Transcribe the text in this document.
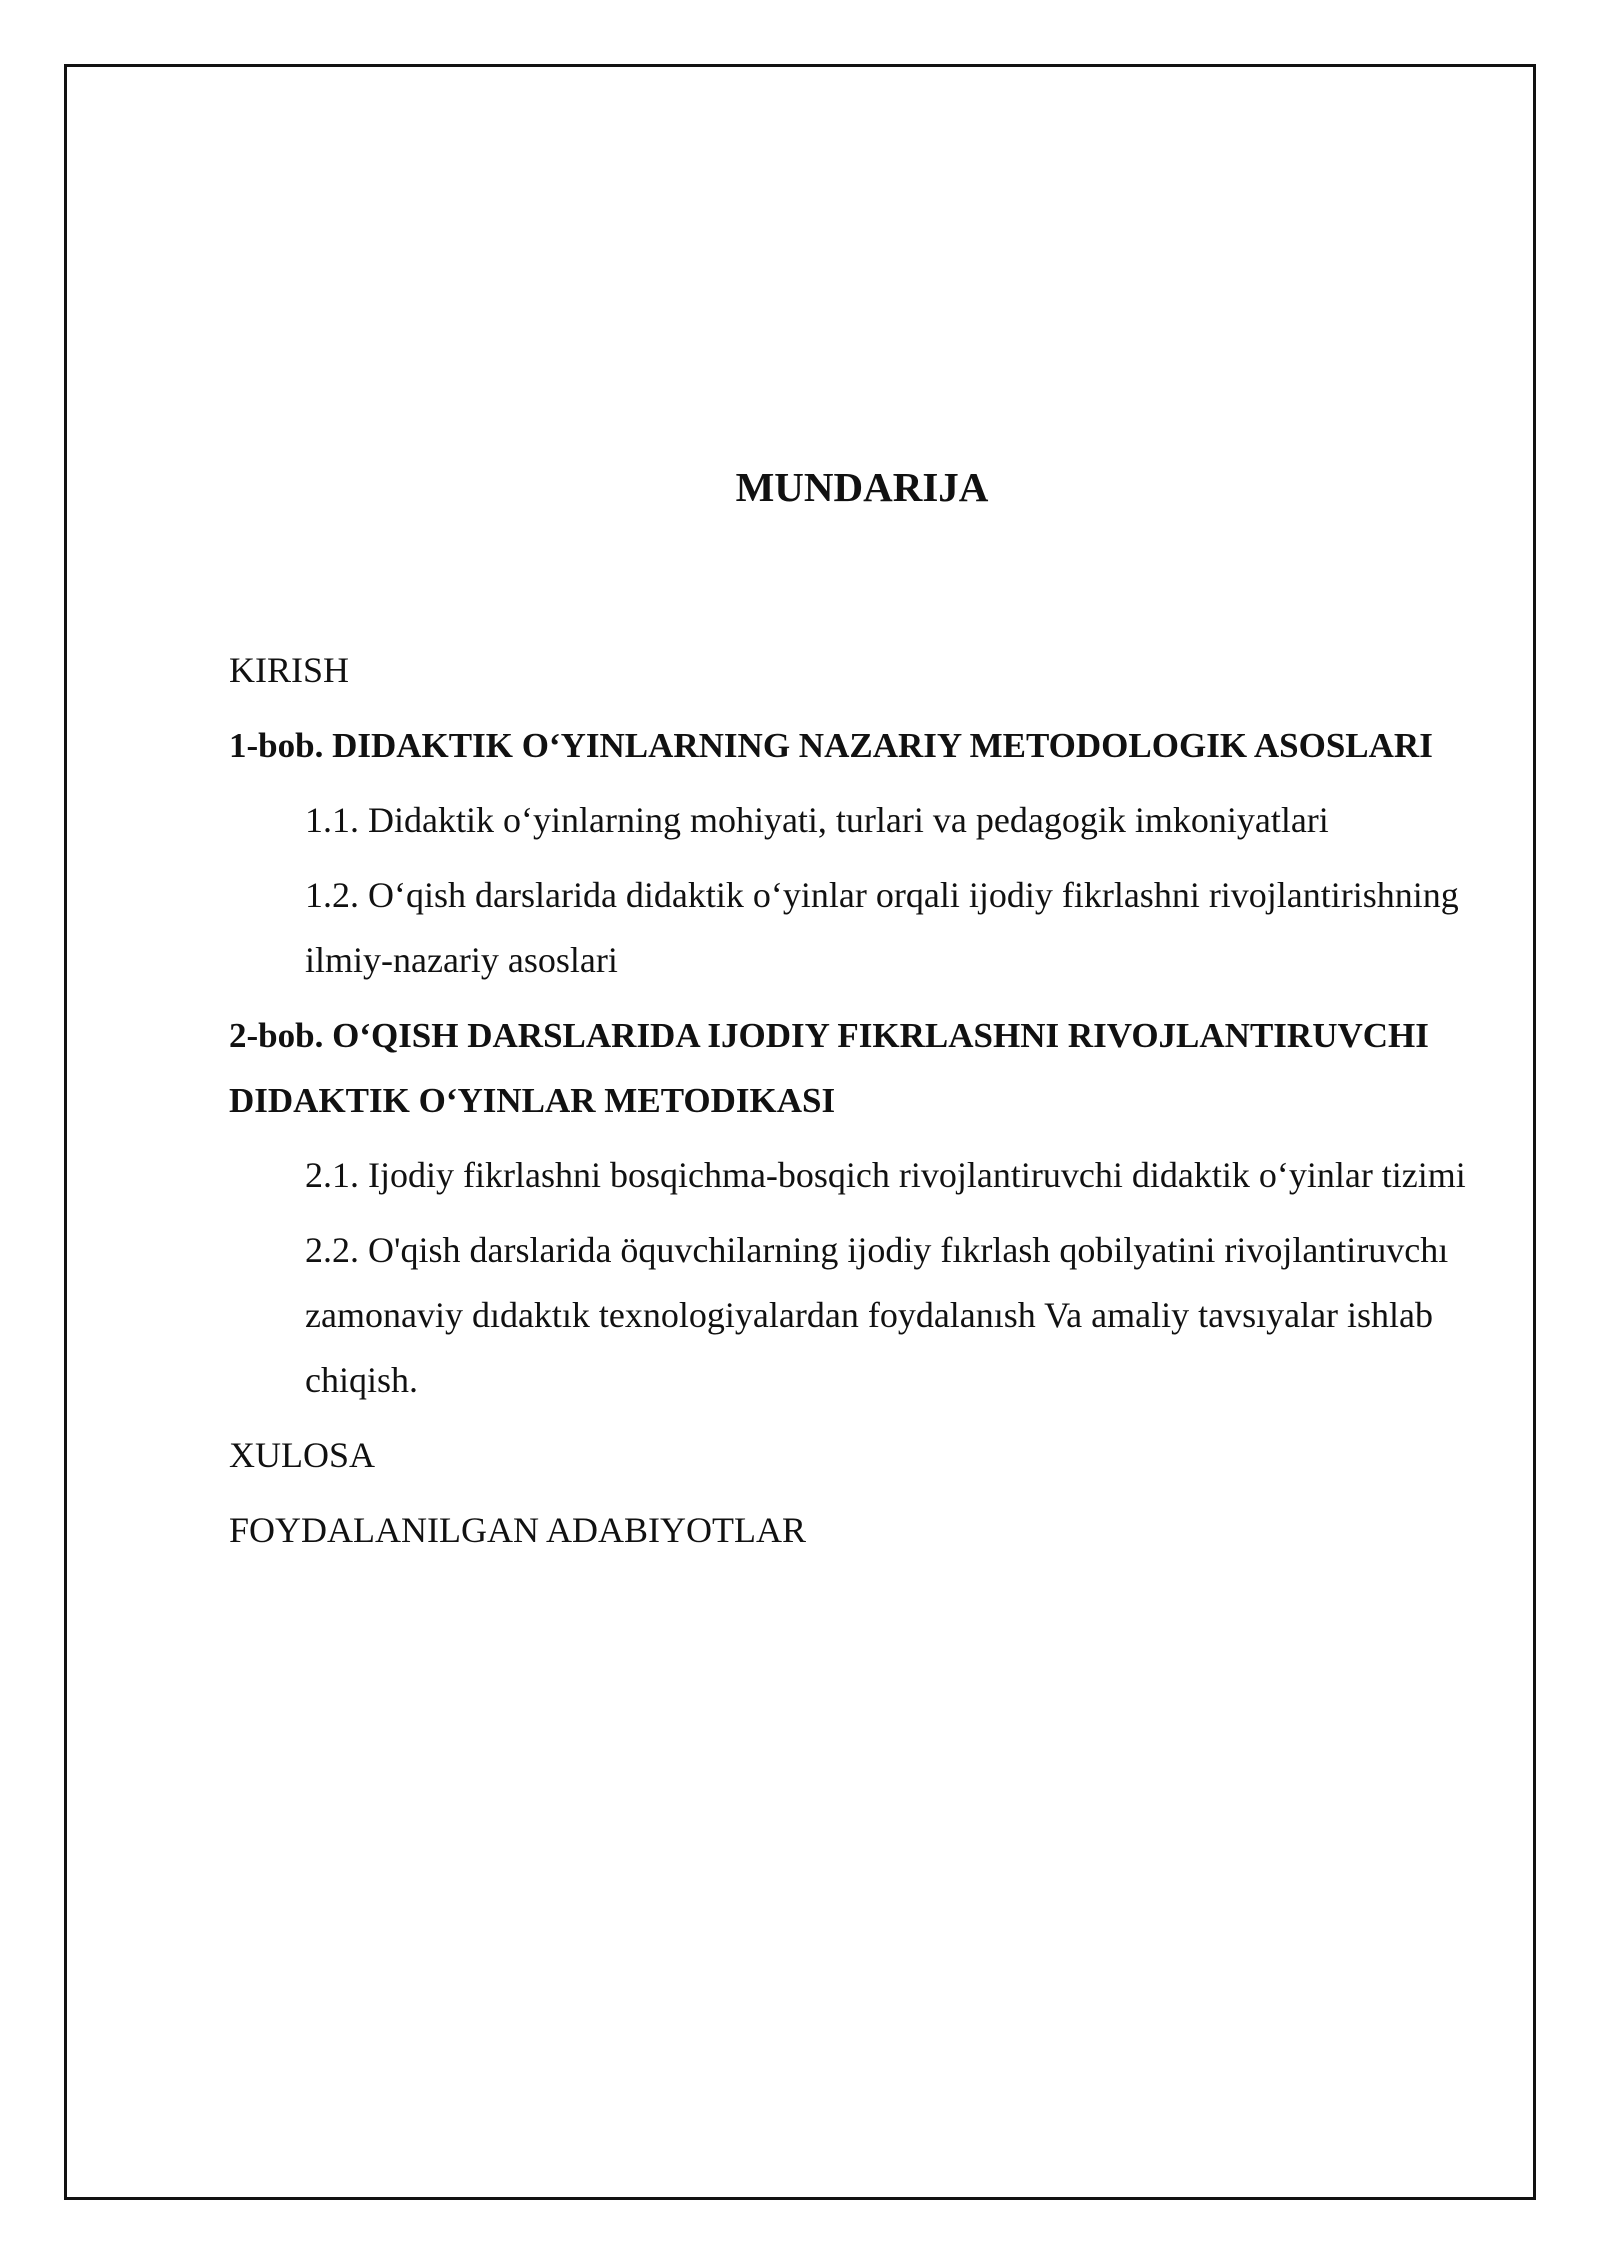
MUNDARIJA

KIRISH

1-bob. DIDAKTIK O‘YINLARNING NAZARIY METODOLOGIK ASOSLARI

1.1. Didaktik o‘yinlarning mohiyati, turlari va pedagogik imkoniyatlari

1.2. O‘qish darslarida didaktik o‘yinlar orqali ijodiy fikrlashni rivojlantirishning ilmiy-nazariy asoslari

2-bob. O‘QISH DARSLARIDA IJODIY FIKRLASHNI RIVOJLANTIRUVCHI DIDAKTIK O‘YINLAR METODIKASI

2.1. Ijodiy fikrlashni bosqichma-bosqich rivojlantiruvchi didaktik o‘yinlar tizimi

2.2. O'qish darslarida öquvchilarning ijodiy fıkrlash qobilyatini rivojlantiruvchı zamonaviy dıdaktık texnologiyalardan foydalanısh Va amaliy tavsıyalar ishlab chiqish.

XULOSA

FOYDALANILGAN ADABIYOTLAR
